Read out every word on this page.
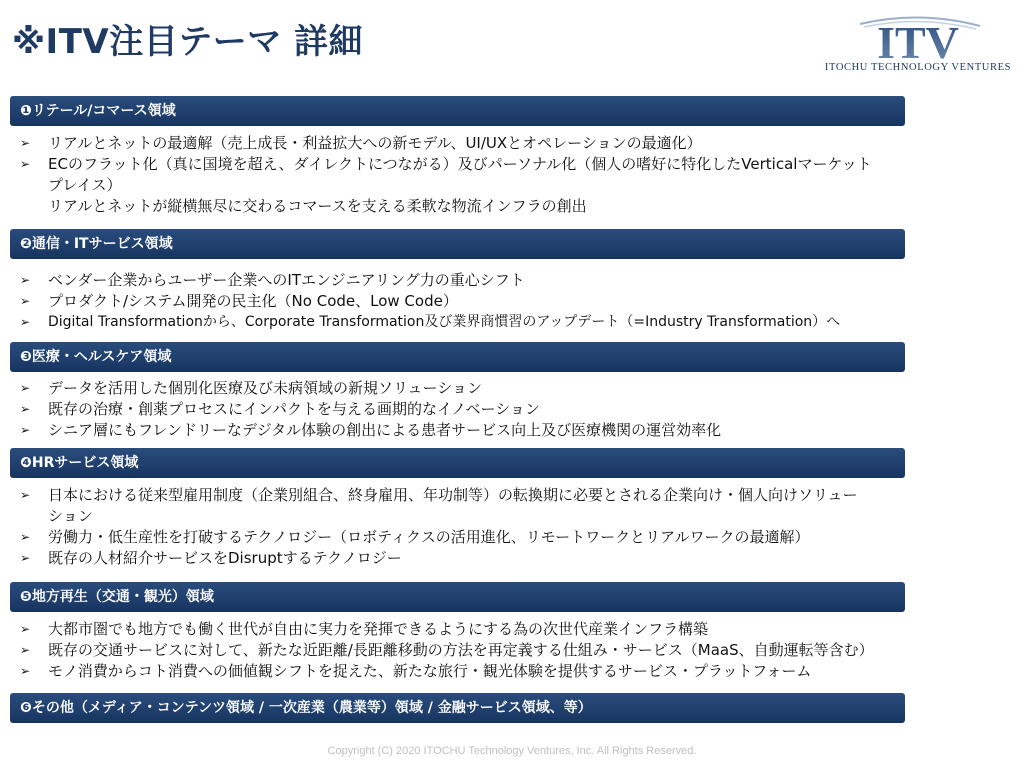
※ITV注目テーマ 詳細	ITV
ITOCHU TECHNOLOGY VENTURES
❶リテール/コマース領域
➢ リアルとネットの最適解（売上成長・利益拡大への新モデル、UI/UXとオペレーションの最適化）
➢ ECのフラット化（真に国境を超え、ダイレクトにつながる）及びパーソナル化（個人の嗜好に特化したVerticalマーケット
プレイス）
リアルとネットが縦横無尽に交わるコマースを支える柔軟な物流インフラの創出
❷通信・ITサービス領域
➢ ベンダー企業からユーザー企業へのITエンジニアリング力の重心シフト
➢ プロダクト/システム開発の民主化（No Code、Low Code）
➢ Digital Transformationから、Corporate Transformation及び業界商慣習のアップデート（=Industry Transformation）へ
❸医療・ヘルスケア領域
➢ データを活用した個別化医療及び未病領域の新規ソリューション
➢ 既存の治療・創薬プロセスにインパクトを与える画期的なイノベーション
➢ シニア層にもフレンドリーなデジタル体験の創出による患者サービス向上及び医療機関の運営効率化
❹HRサービス領域
➢ 日本における従来型雇用制度（企業別組合、終身雇用、年功制等）の転換期に必要とされる企業向け・個人向けソリュー
ション
➢ 労働力・低生産性を打破するテクノロジー（ロボティクスの活用進化、リモートワークとリアルワークの最適解）
➢ 既存の人材紹介サービスをDisruptするテクノロジー
❺地方再生（交通・観光）領域
➢ 大都市圏でも地方でも働く世代が自由に実力を発揮できるようにする為の次世代産業インフラ構築
➢ 既存の交通サービスに対して、新たな近距離/長距離移動の方法を再定義する仕組み・サービス（MaaS、自動運転等含む）
➢ モノ消費からコト消費への価値観シフトを捉えた、新たな旅行・観光体験を提供するサービス・プラットフォーム
❻その他（メディア・コンテンツ領域 / 一次産業（農業等）領域 / 金融サービス領域、等）
Copyright (C) 2020 ITOCHU Technology Ventures, Inc. All Rights Reserved.
